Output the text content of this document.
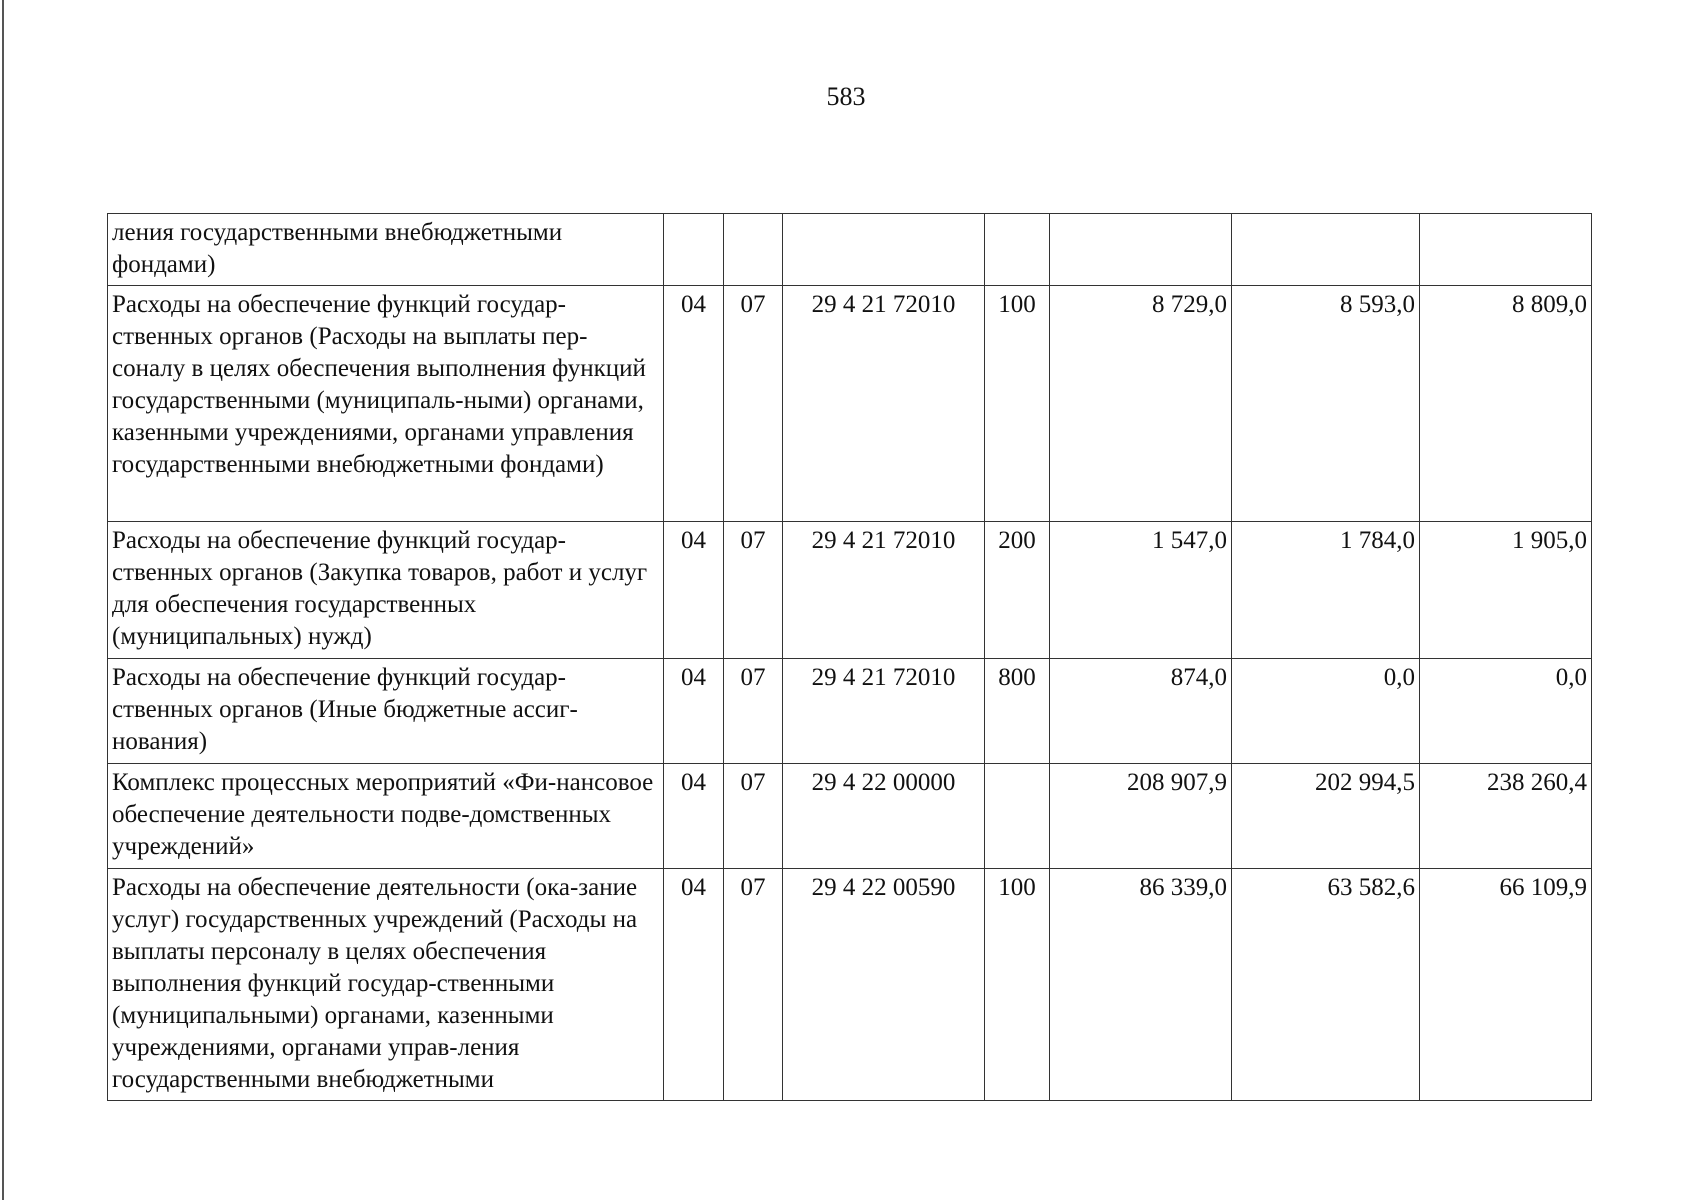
583
ления государственными внебюджетными фондами)							
Расходы на обеспечение функций государ-ственных органов (Расходы на выплаты пер-соналу в целях обеспечения выполнения функций государственными (муниципаль-ными) органами, казенными учреждениями, органами управления государственными внебюджетными фондами)	04	07	29 4 21 72010	100	8 729,0	8 593,0	8 809,0
Расходы на обеспечение функций государ-ственных органов (Закупка товаров, работ и услуг для обеспечения государственных (муниципальных) нужд)	04	07	29 4 21 72010	200	1 547,0	1 784,0	1 905,0
Расходы на обеспечение функций государ-ственных органов (Иные бюджетные ассиг-нования)	04	07	29 4 21 72010	800	874,0	0,0	0,0
Комплекс процессных мероприятий «Фи-нансовое обеспечение деятельности подве-домственных учреждений»	04	07	29 4 22 00000		208 907,9	202 994,5	238 260,4
Расходы на обеспечение деятельности (ока-зание услуг) государственных учреждений (Расходы на выплаты персоналу в целях обеспечения выполнения функций государ-ственными (муниципальными) органами, казенными учреждениями, органами управ-ления государственными внебюджетными	04	07	29 4 22 00590	100	86 339,0	63 582,6	66 109,9
